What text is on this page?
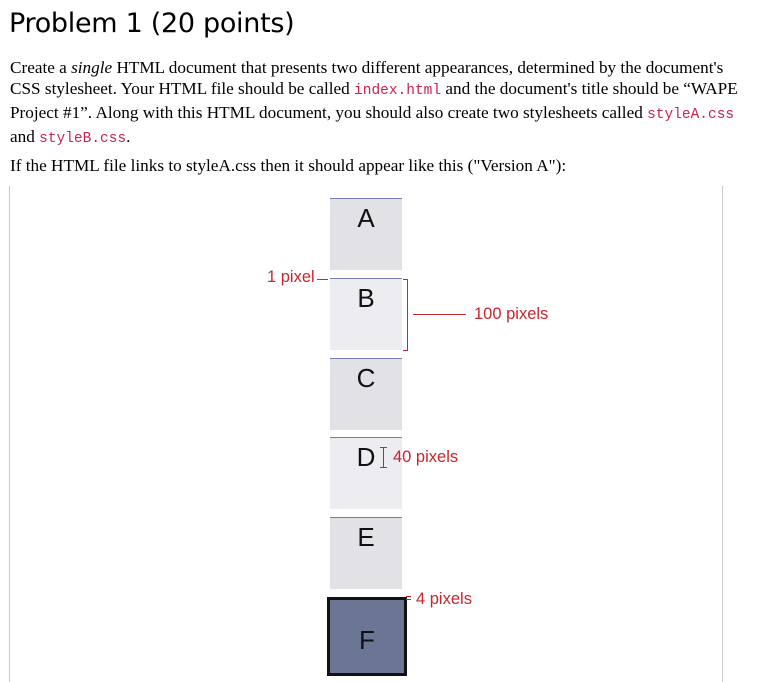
Problem 1 (20 points)

Create a single HTML document that presents two different appearances, determined by the document's CSS stylesheet. Your HTML file should be called index.html and the document's title should be “WAPE Project #1”. Along with this HTML document, you should also create two stylesheets called styleA.css and styleB.css.

If the HTML file links to styleA.css then it should appear like this ("Version A"):

A
B
C
D
E
F
1 pixel
100 pixels
40 pixels
4 pixels
